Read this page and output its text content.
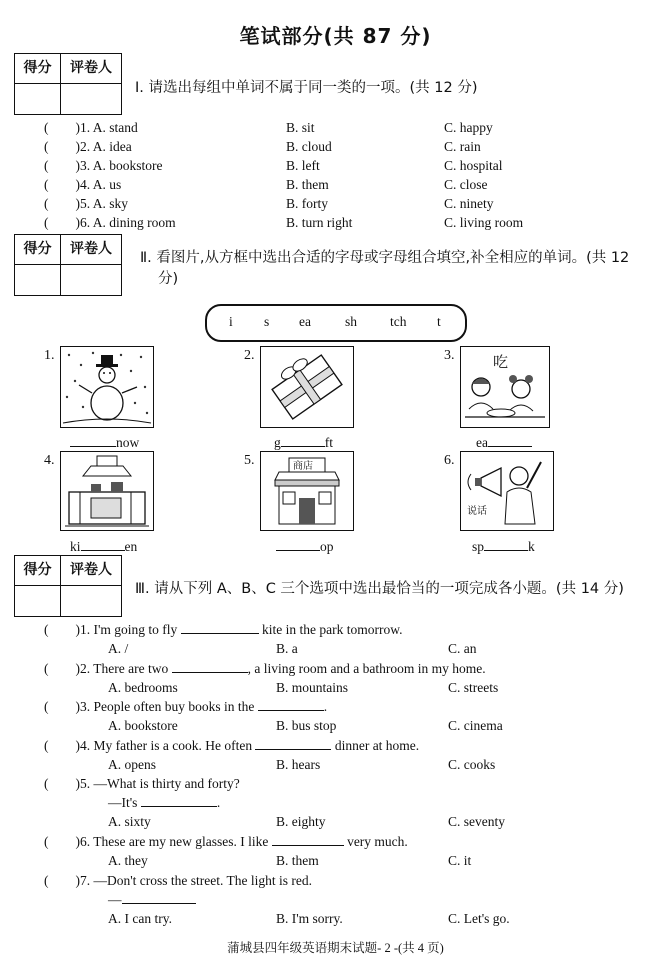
笔试部分(共 87 分)
得分	评卷人
Ⅰ. 请选出每组中单词不属于同一类的一项。(共 12 分)
(　　)1. A. stand	B. sit	C. happy
(　　)2. A. idea	B. cloud	C. rain
(　　)3. A. bookstore	B. left	C. hospital
(　　)4. A. us	B. them	C. close
(　　)5. A. sky	B. forty	C. ninety
(　　)6. A. dining room	B. turn right	C. living room
得分	评卷人
Ⅱ. 看图片,从方框中选出合适的字母或字母组合填空,补全相应的单词。(共 12
分)
i s ea	sh tch t
1.
now
2.
g	ft
3.	吃
ea
4.
ki	en
5.	商店
op
6.
说话
sp	k
得分	评卷人
Ⅲ. 请从下列 A、B、C 三个选项中选出最恰当的一项完成各小题。(共 14 分)
(　　)1. I'm going to fly	kite in the park tomorrow.
A. /	B. a	C. an
(　　)2. There are two	, a living room and a bathroom in my home.
A. bedrooms	B. mountains	C. streets
(　　)3. People often buy books in the	.
A. bookstore	B. bus stop	C. cinema
(　　)4. My father is a cook. He often	dinner at home.
A. opens	B. hears	C. cooks
(　　)5. —What is thirty and forty?
—It's	.
A. sixty	B. eighty	C. seventy
(　　)6. These are my new glasses. I like	very much.
A. they	B. them	C. it
(　　)7. —Don't cross the street. The light is red.
—
A. I can try.	B. I'm sorry.	C. Let's go.
蒲城县四年级英语期末试题- 2 -(共 4 页)
